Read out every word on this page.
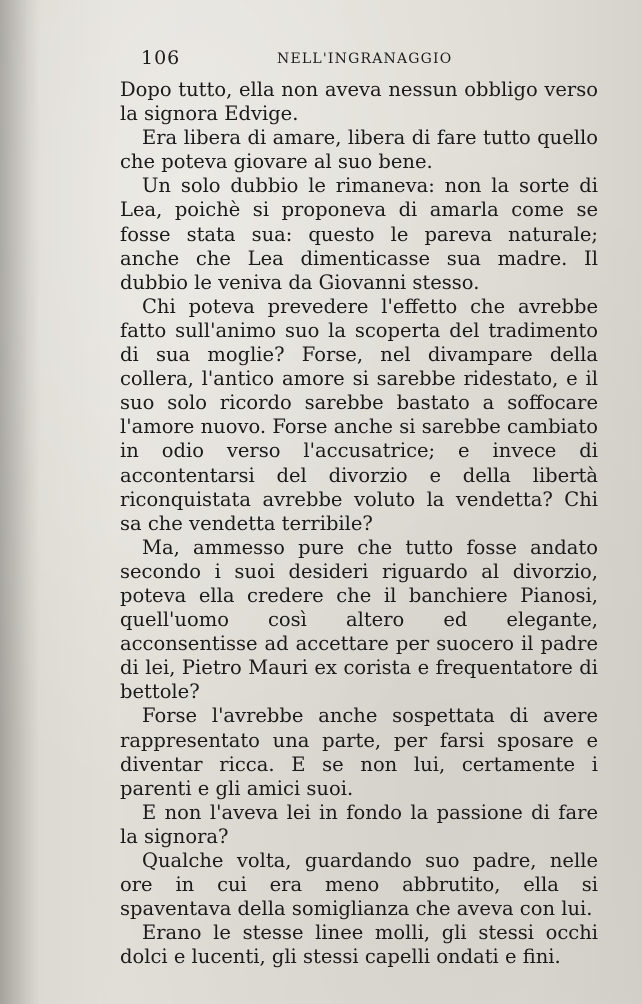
106	NELL'INGRANAGGIO

Dopo tutto, ella non aveva nessun obbligo verso la signora Edvige.

Era libera di amare, libera di fare tutto quello che poteva giovare al suo bene.

Un solo dubbio le rimaneva: non la sorte di Lea, poichè si proponeva di amarla come se fosse stata sua: questo le pareva naturale; anche che Lea dimenticasse sua madre. Il dubbio le veniva da Giovanni stesso.

Chi poteva prevedere l'effetto che avrebbe fatto sull'animo suo la scoperta del tradimento di sua moglie? Forse, nel divampare della collera, l'antico amore si sarebbe ridestato, e il suo solo ricordo sarebbe bastato a soffocare l'amore nuovo. Forse anche si sarebbe cambiato in odio verso l'accusatrice; e invece di accontentarsi del divorzio e della libertà riconquistata avrebbe voluto la vendetta? Chi sa che vendetta terribile?

Ma, ammesso pure che tutto fosse andato secondo i suoi desideri riguardo al divorzio, poteva ella credere che il banchiere Pianosi, quell'uomo così altero ed elegante, acconsentisse ad accettare per suocero il padre di lei, Pietro Mauri ex corista e frequentatore di bettole?

Forse l'avrebbe anche sospettata di avere rappresentato una parte, per farsi sposare e diventar ricca. E se non lui, certamente i parenti e gli amici suoi.

E non l'aveva lei in fondo la passione di fare la signora?

Qualche volta, guardando suo padre, nelle ore in cui era meno abbrutito, ella si spaventava della somiglianza che aveva con lui.

Erano le stesse linee molli, gli stessi occhi dolci e lucenti, gli stessi capelli ondati e fini.
